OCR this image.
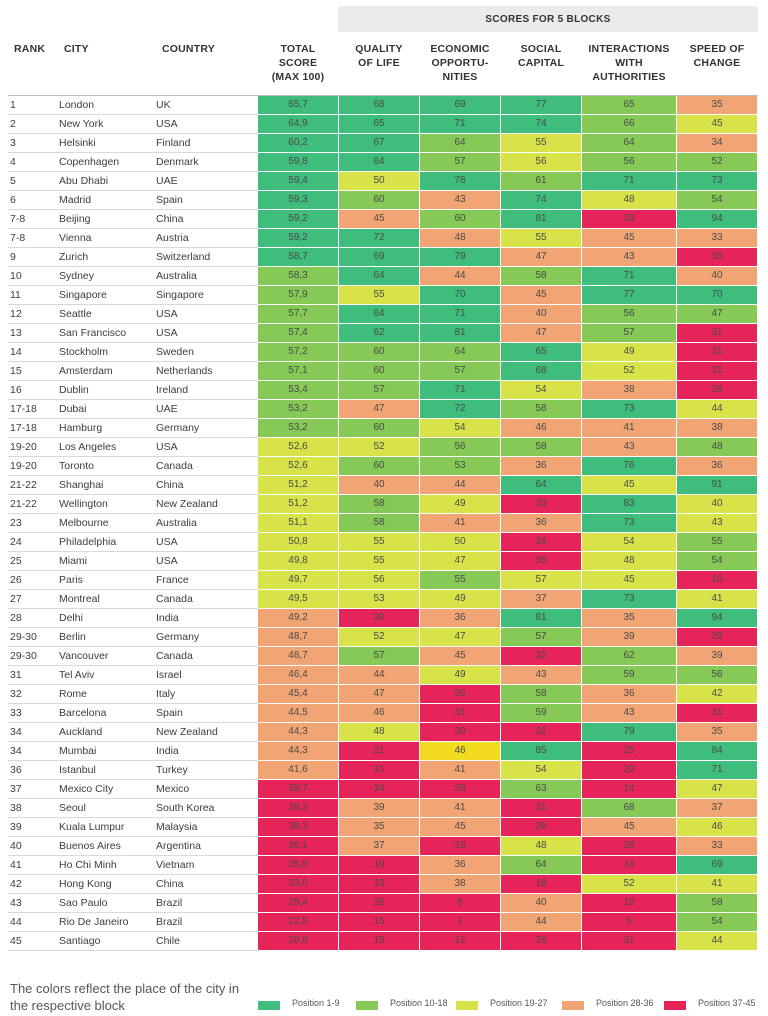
SCORES FOR 5 BLOCKS
RANK CITY	COUNTRY	TOTAL
SCORE
(MAX 100)
QUALITY
OF LIFE
ECONOMIC
OPPORTU-
NITIES
SOCIAL
CAPITAL
INTERACTIONS
WITH
AUTHORITIES
SPEED OF
CHANGE
1	London	UK	65,7	68	69	77	65	35
2	New York	USA	64,9	65	71	74	66	45
3	Helsinki	Finland	60,2	67	64	55	64	34
4	Copenhagen	Denmark	59,8	64	57	56	56	52
5	Abu Dhabi	UAE	59,4	50	78	61	71	73
6	Madrid	Spain	59,3	60	43	74	48	54
7-8	Beijing	China	59,2	45	60	81	33	94
7-8	Vienna	Austria	59,2	72	48	55	45	33
9	Zurich	Switzerland	58,7	69	79	47	43	30
10	Sydney	Australia	58,3	64	44	58	71	40
11	Singapore	Singapore	57,9	55	70	45	77	70
12	Seattle	USA	57,7	64	71	40	56	47
13	San Francisco	USA	57,4	62	81	47	57	31
14	Stockholm	Sweden	57,2	60	64	65	49	31
15	Amsterdam	Netherlands	57,1	60	57	68	52	31
16	Dublin	Ireland	53,4	57	71	54	38	28
17-18 Dubai	UAE	53,2	47	72	58	73	44
17-18 Hamburg	Germany	53,2	60	54	46	41	38
19-20 Los Angeles	USA	52,6	52	56	58	43	48
19-20 Toronto	Canada	52,6	60	53	36	76	36
21-22 Shanghai	China	51,2	40	44	64	45	91
21-22 Wellington	New Zealand	51,2	58	49	33	83	40
23	Melbourne	Australia	51,1	58	41	36	73	43
24	Philadelphia	USA	50,8	55	50	36	54	55
25	Miami	USA	49,8	55	47	35	48	54
26	Paris	France	49,7	56	55	57	45	10
27	Montreal	Canada	49,5	53	49	37	73	41
28	Delhi	India	49,2	30	36	81	35	94
29-30 Berlin	Germany	48,7	52	47	57	39	29
29-30 Vancouver	Canada	48,7	57	45	32	62	39
31	Tel Aviv	Israel	46,4	44	49	43	59	56
32	Rome	Italy	45,4	47	26	58	36	42
33	Barcelona	Spain	44,5	46	31	59	43	31
34	Auckland	New Zealand	44,3	48	30	32	79	35
34	Mumbai	India	44,3	21	46	85	25	84
36	Istanbul	Turkey	41,6	31	41	54	29	71
37	Mexico City	Mexico	39,7	34	28	63	14	47
38	Seoul	South Korea	39,3	39	41	31	68	37
39	Kuala Lumpur	Malaysia	38,3	35	45	36	45	46
40	Buenos Aires	Argentina	36,1	37	18	48	28	33
41	Ho Chi Minh	Vietnam	35,8	19	36	64	14	69
42	Hong Kong	China	33,0	33	38	18	52	41
43	Sao Paulo	Brazil	28,4	25	5	40	10	58
44	Rio De Janeiro	Brazil	22,5	15	1	44	5	54
45	Santiago	Chile	20,8	15	12	26	31	44
The colors reflect the place of the city in the respective block	Position 1-9	Position 10-18	Position 19-27	Position 28-36	Position 37-45
